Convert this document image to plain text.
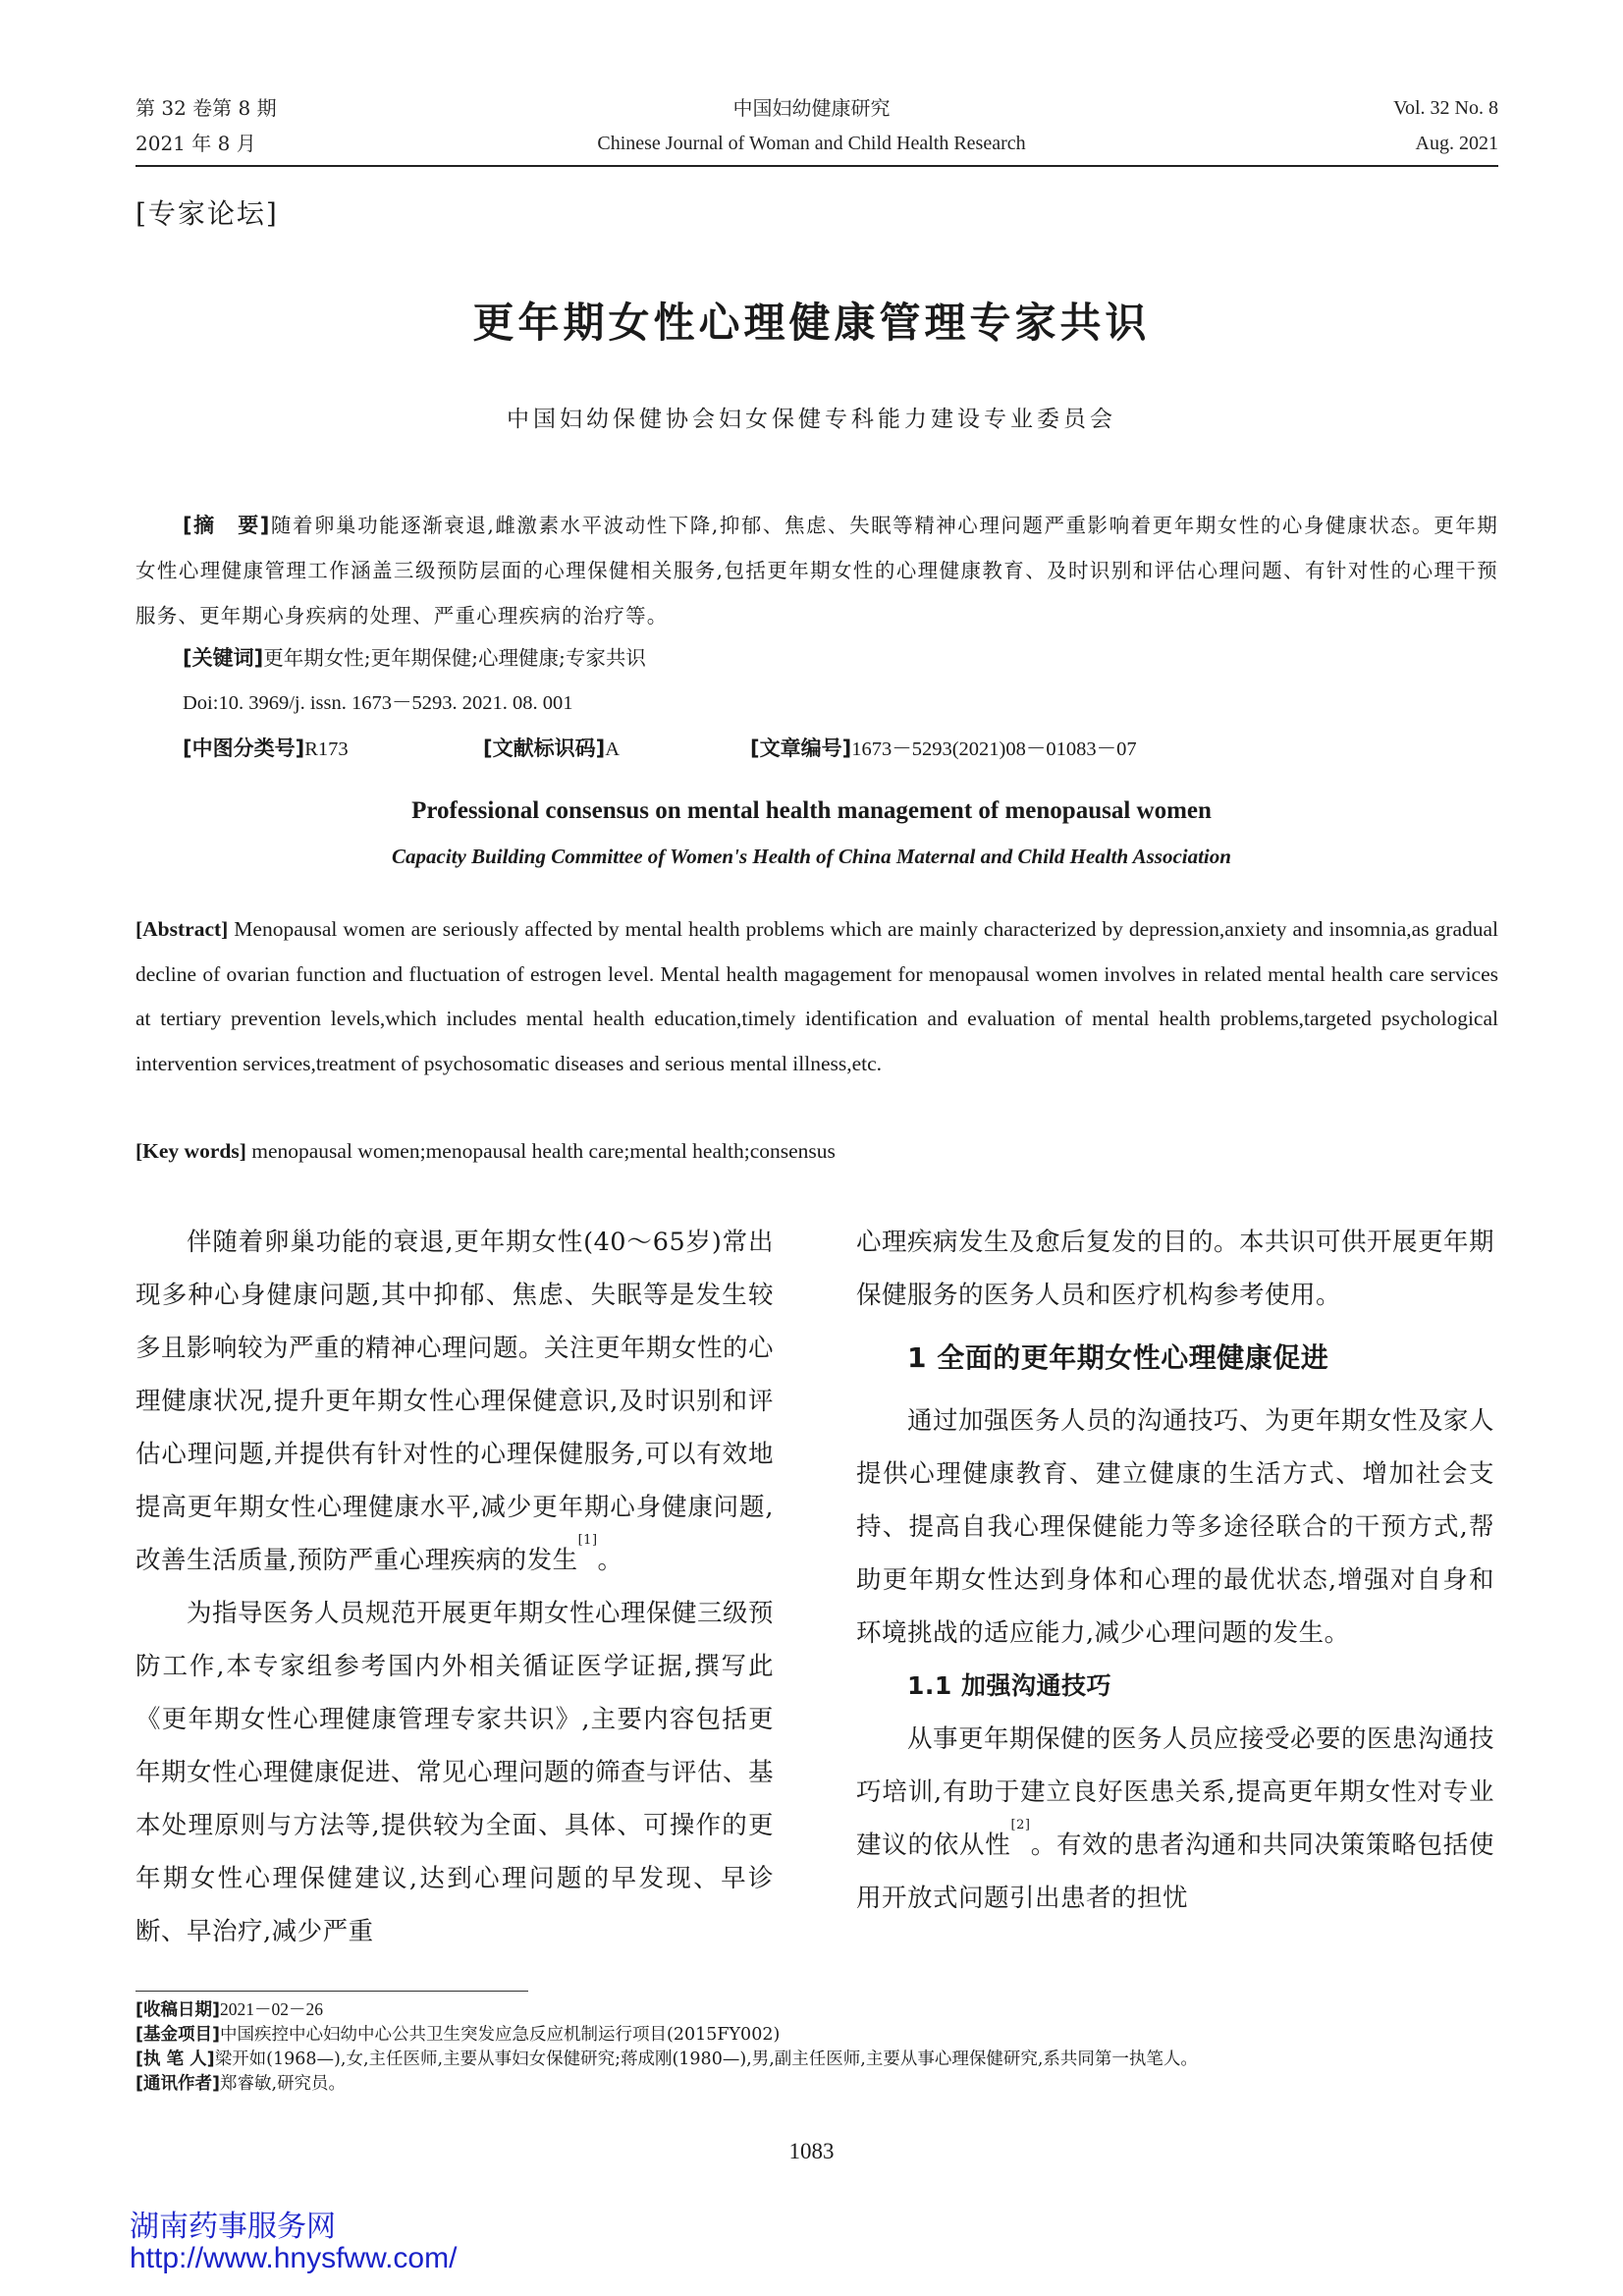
第 32 卷第 8 期
2021 年 8 月
中国妇幼健康研究
Chinese Journal of Woman and Child Health Research
Vol. 32 No. 8
Aug. 2021
[专家论坛]
更年期女性心理健康管理专家共识
中国妇幼保健协会妇女保健专科能力建设专业委员会
[摘　要]随着卵巢功能逐渐衰退,雌激素水平波动性下降,抑郁、焦虑、失眠等精神心理问题严重影响着更年期女性的心身健康状态。更年期女性心理健康管理工作涵盖三级预防层面的心理保健相关服务,包括更年期女性的心理健康教育、及时识别和评估心理问题、有针对性的心理干预服务、更年期心身疾病的处理、严重心理疾病的治疗等。
[关键词]更年期女性;更年期保健;心理健康;专家共识
Doi:10. 3969/j. issn. 1673－5293. 2021. 08. 001
[中图分类号]R173	[文献标识码]A	[文章编号]1673－5293(2021)08－01083－07
Professional consensus on mental health management of menopausal women
Capacity Building Committee of Women's Health of China Maternal and Child Health Association
[Abstract] Menopausal women are seriously affected by mental health problems which are mainly characterized by depression,anxiety and insomnia,as gradual decline of ovarian function and fluctuation of estrogen level. Mental health magagement for menopausal women involves in related mental health care services at tertiary prevention levels,which includes mental health education,timely identification and evaluation of mental health problems,targeted psychological intervention services,treatment of psychosomatic diseases and serious mental illness,etc.
[Key words] menopausal women;menopausal health care;mental health;consensus

伴随着卵巢功能的衰退,更年期女性(40～65岁)常出现多种心身健康问题,其中抑郁、焦虑、失眠等是发生较多且影响较为严重的精神心理问题。关注更年期女性的心理健康状况,提升更年期女性心理保健意识,及时识别和评估心理问题,并提供有针对性的心理保健服务,可以有效地提高更年期女性心理健康水平,减少更年期心身健康问题,改善生活质量,预防严重心理疾病的发生[1]。

为指导医务人员规范开展更年期女性心理保健三级预防工作,本专家组参考国内外相关循证医学证据,撰写此《更年期女性心理健康管理专家共识》,主要内容包括更年期女性心理健康促进、常见心理问题的筛查与评估、基本处理原则与方法等,提供较为全面、具体、可操作的更年期女性心理保健建议,达到心理问题的早发现、早诊断、早治疗,减少严重

心理疾病发生及愈后复发的目的。本共识可供开展更年期保健服务的医务人员和医疗机构参考使用。

1 全面的更年期女性心理健康促进

通过加强医务人员的沟通技巧、为更年期女性及家人提供心理健康教育、建立健康的生活方式、增加社会支持、提高自我心理保健能力等多途径联合的干预方式,帮助更年期女性达到身体和心理的最优状态,增强对自身和环境挑战的适应能力,减少心理问题的发生。

1.1 加强沟通技巧

从事更年期保健的医务人员应接受必要的医患沟通技巧培训,有助于建立良好医患关系,提高更年期女性对专业建议的依从性[2]。有效的患者沟通和共同决策策略包括使用开放式问题引出患者的担忧

[收稿日期]2021－02－26
[基金项目]中国疾控中心妇幼中心公共卫生突发应急反应机制运行项目(2015FY002)
[执 笔 人]梁开如(1968—),女,主任医师,主要从事妇女保健研究;蒋成刚(1980—),男,副主任医师,主要从事心理保健研究,系共同第一执笔人。
[通讯作者]郑睿敏,研究员。
1083
湖南药事服务网
http://www.hnysfww.com/
